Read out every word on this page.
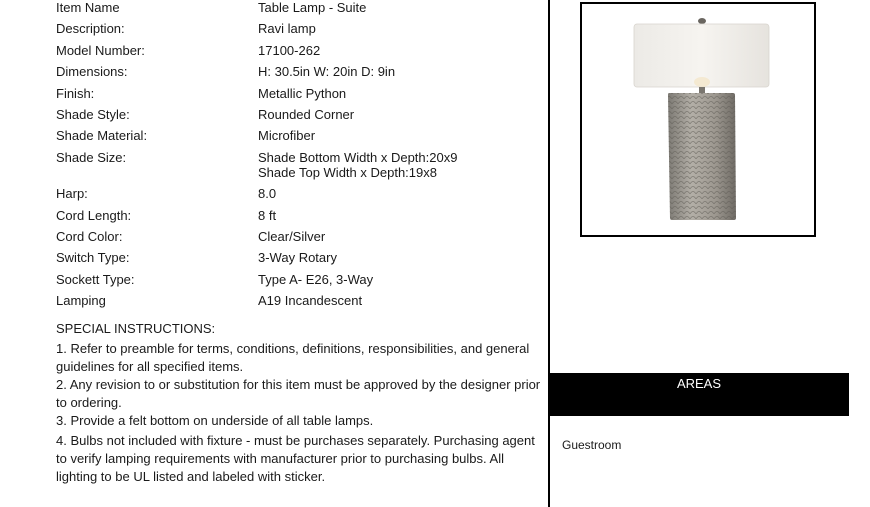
Item Name	Table Lamp - Suite
Description:	Ravi lamp
Model Number:	17100-262
Dimensions:	H: 30.5in W: 20in D: 9in
Finish:	Metallic Python
Shade Style:	Rounded Corner
Shade Material:	Microfiber
Shade Size:	Shade Bottom Width x Depth:20x9
Shade Top Width x Depth:19x8
Harp:	8.0
Cord Length:	8 ft
Cord Color:	Clear/Silver
Switch Type:	3-Way Rotary
Sockett Type:	Type A- E26, 3-Way
Lamping	A19 Incandescent
SPECIAL INSTRUCTIONS:

1. Refer to preamble for terms, conditions, definitions, responsibilities, and general guidelines for all specified items.

2. Any revision to or substitution for this item must be approved by the designer prior to ordering.

3. Provide a felt bottom on underside of all table lamps.

4. Bulbs not included with fixture - must be purchases separately. Purchasing agent to verify lamping requirements with manufacturer prior to purchasing bulbs. All lighting to be UL listed and labeled with sticker.

AREAS
Guestroom
